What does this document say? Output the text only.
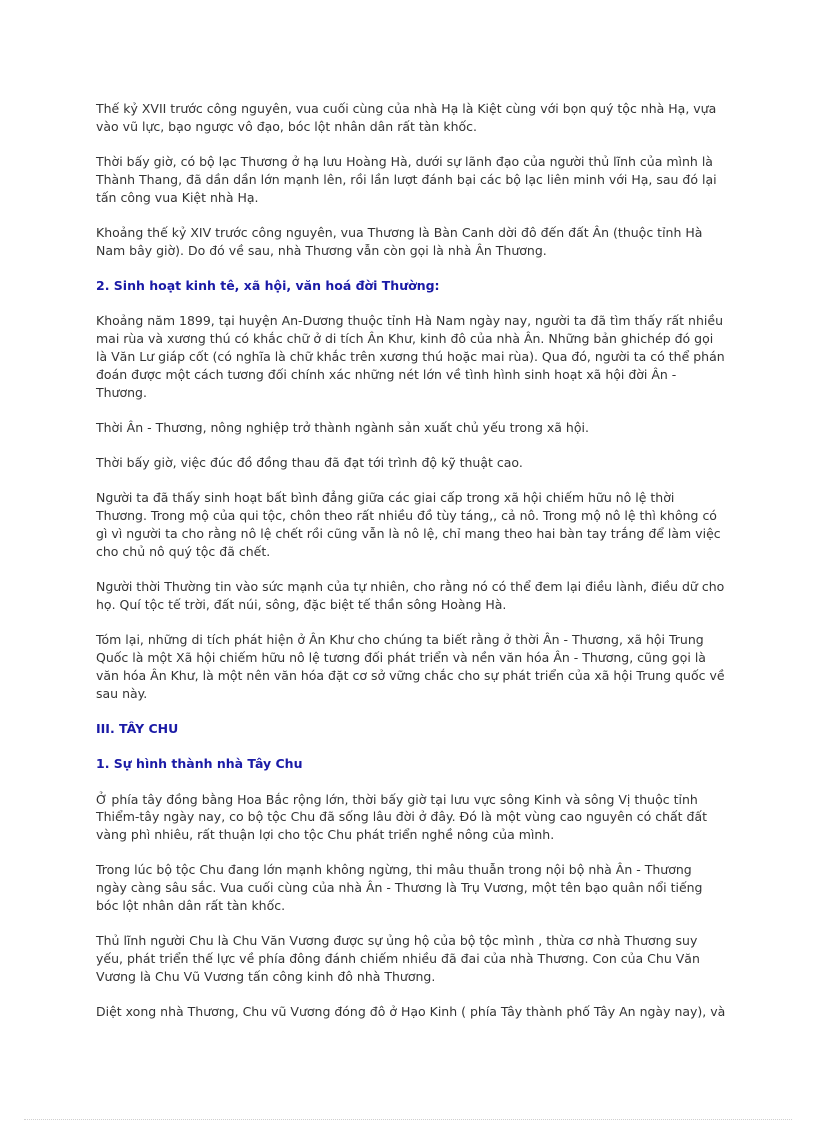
Thế kỷ XVII trước công nguyên, vua cuối cùng của nhà Hạ là Kiệt cùng với bọn quý tộc nhà Hạ, vựa vào vũ lực, bạo ngược vô đạo, bóc lột nhân dân rất tàn khốc.

Thời bấy giờ, có bộ lạc Thương ở hạ lưu Hoàng Hà, dưới sự lãnh đạo của người thủ lĩnh của mình là Thành Thang, đã dần dần lớn mạnh lên, rồi lần lượt đánh bại các bộ lạc liên minh với Hạ, sau đó lại tấn công vua Kiệt nhà Hạ.

Khoảng thế kỷ XIV trước công nguyên, vua Thương là Bàn Canh dời đô đến đất Ân (thuộc tỉnh Hà Nam bây giờ). Do đó về sau, nhà Thương vẫn còn gọi là nhà Ân Thương.

2. Sinh hoạt kinh tê, xã hội, văn hoá đời Thường:

Khoảng năm 1899, tại huyện An-Dương thuộc tỉnh Hà Nam ngày nay, người ta đã tìm thấy rất nhiều mai rùa và xương thú có khắc chữ ở di tích Ân Khư, kinh đô của nhà Ân. Những bản ghichép đó gọi là Văn Lư giáp cốt (có nghĩa là chữ khắc trên xương thú hoặc mai rùa). Qua đó, người ta có thể phán đoán được một cách tương đối chính xác những nét lớn về tình hình sinh hoạt xã hội đời Ân - Thương.

Thời Ân - Thương, nông nghiệp trở thành ngành sản xuất chủ yếu trong xã hội.

Thời bấy giờ, việc đúc đồ đồng thau đã đạt tới trình độ kỹ thuật cao.

Người ta đã thấy sinh hoạt bất bình đẳng giữa các giai cấp trong xã hội chiếm hữu nô lệ thời Thương. Trong mộ của qui tộc, chôn theo rất nhiều đồ tùy táng,, cả nô. Trong mộ nô lệ thì không có gì vì người ta cho rằng nô lệ chết rồi cũng vẫn là nô lệ, chỉ mang theo hai bàn tay trắng để làm việc cho chủ nô quý tộc đã chết.

Người thời Thường tin vào sức mạnh của tự nhiên, cho rằng nó có thể đem lại điều lành, điều dữ cho họ. Quí tộc tế trời, đất núi, sông, đặc biệt tế thần sông Hoàng Hà.

Tóm lại, những di tích phát hiện ở Ân Khư cho chúng ta biết rằng ở thời Ân - Thương, xã hội Trung Quốc là một Xã hội chiếm hữu nô lệ tương đối phát triển và nền văn hóa Ân - Thương, cũng gọi là văn hóa Ân Khư, là một nên văn hóa đặt cơ sở vững chắc cho sự phát triển của xã hội Trung quốc về sau này.

III. TÂY CHU
1. Sự hình thành nhà Tây Chu

Ở phía tây đồng bằng Hoa Bắc rộng lớn, thời bấy giờ tại lưu vực sông Kinh và sông Vị thuộc tỉnh Thiểm-tây ngày nay, co bộ tộc Chu đã sống lâu đời ở đây. Đó là một vùng cao nguyên có chất đất vàng phì nhiêu, rất thuận lợi cho tộc Chu phát triển nghề nông của mình.

Trong lúc bộ tộc Chu đang lớn mạnh không ngừng, thi mâu thuẫn trong nội bộ nhà Ân - Thương ngày càng sâu sắc. Vua cuối cùng của nhà Ân - Thương là Trụ Vương, một tên bạo quân nổi tiếng bóc lột nhân dân rất tàn khốc.

Thủ lĩnh người Chu là Chu Văn Vương được sự ủng hộ của bộ tộc mình , thừa cơ nhà Thương suy yếu, phát triển thế lực về phía đông đánh chiếm nhiều đã đai của nhà Thương. Con của Chu Văn Vương là Chu Vũ Vương tấn công kinh đô nhà Thương.

Diệt xong nhà Thương, Chu vũ Vương đóng đô ở Hạo Kinh ( phía Tây thành phố Tây An ngày nay), và
